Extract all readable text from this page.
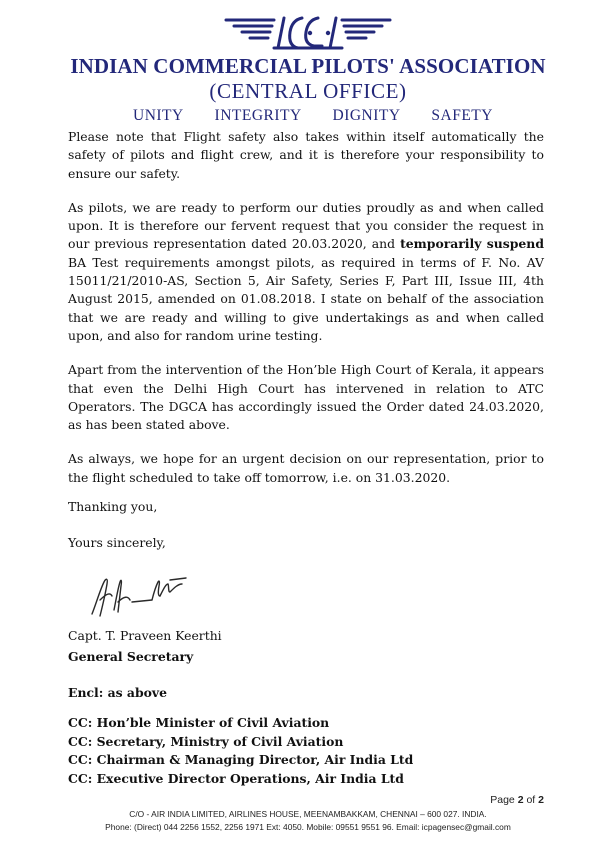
INDIAN COMMERCIAL PILOTS' ASSOCIATION
(CENTRAL OFFICE)
UNITY INTEGRITY DIGNITY SAFETY

Please note that Flight safety also takes within itself automatically the safety of pilots and flight crew, and it is therefore your responsibility to ensure our safety.

As pilots, we are ready to perform our duties proudly as and when called upon. It is therefore our fervent request that you consider the request in our previous representation dated 20.03.2020, and temporarily suspend BA Test requirements amongst pilots, as required in terms of F. No. AV 15011/21/2010-AS, Section 5, Air Safety, Series F, Part III, Issue III, 4th August 2015, amended on 01.08.2018. I state on behalf of the association that we are ready and willing to give undertakings as and when called upon, and also for random urine testing.

Apart from the intervention of the Hon’ble High Court of Kerala, it appears that even the Delhi High Court has intervened in relation to ATC Operators. The DGCA has accordingly issued the Order dated 24.03.2020, as has been stated above.

As always, we hope for an urgent decision on our representation, prior to the flight scheduled to take off tomorrow, i.e. on 31.03.2020.

Thanking you,
Yours sincerely,
Capt. T. Praveen Keerthi
General Secretary
Encl: as above
CC: Hon’ble Minister of Civil Aviation
CC: Secretary, Ministry of Civil Aviation
CC: Chairman & Managing Director, Air India Ltd
CC: Executive Director Operations, Air India Ltd
Page 2 of 2
C/O - AIR INDIA LIMITED, AIRLINES HOUSE, MEENAMBAKKAM, CHENNAI – 600 027. INDIA.
Phone: (Direct) 044 2256 1552, 2256 1971 Ext: 4050. Mobile: 09551 9551 96. Email: icpagensec@gmail.com
